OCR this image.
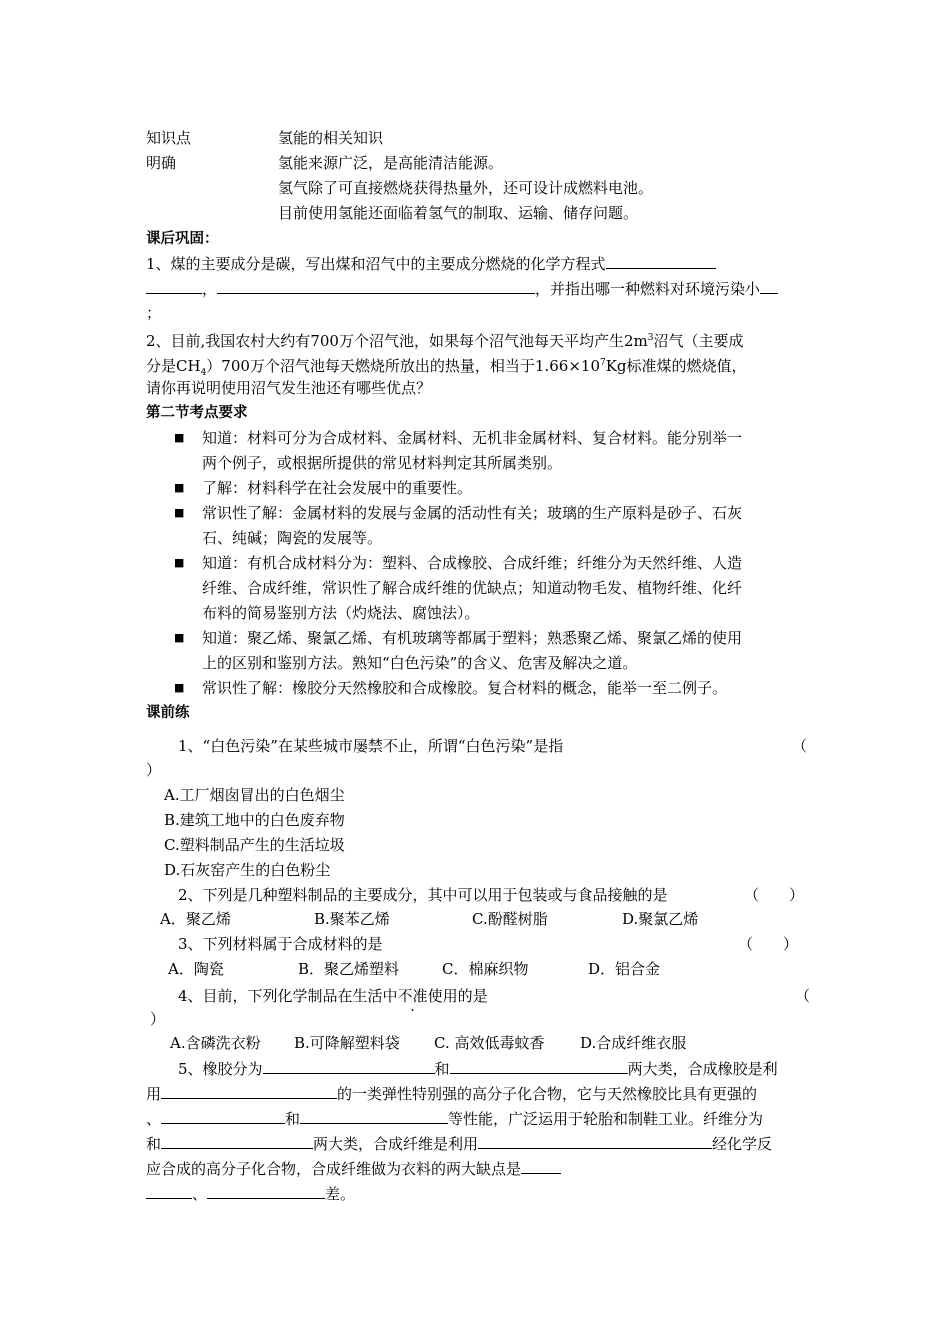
知识点	氢能的相关知识
明确	氢能来源广泛，是高能清洁能源。
氢气除了可直接燃烧获得热量外，还可设计成燃料电池。
目前使用氢能还面临着氢气的制取、运输、储存问题。
课后巩固：
1、煤的主要成分是碳，写出煤和沼气中的主要成分燃烧的化学方程式
，	，并指出哪一种燃料对环境污染小
；
2、目前,我国农村大约有700万个沼气池，如果每个沼气池每天平均产生$2m^3$沼气（主要成
分是$CH_4)700$万个沼气池每天燃烧所放出的热量，相当于$1.66\times 10^7Kg$标准煤的燃烧值，
请你再说明使用沼气发生池还有哪些优点？
第二节考点要求
■ 知道：材料可分为合成材料、金属材料、无机非金属材料、复合材料。能分别举一
两个例子，或根据所提供的常见材料判定其所属类别。
■ 了解：材料科学在社会发展中的重要性。
■ 常识性了解：金属材料的发展与金属的活动性有关；玻璃的生产原料是砂子、石灰
石、纯碱；陶瓷的发展等。
■ 知道：有机合成材料分为：塑料、合成橡胶、合成纤维；纤维分为天然纤维、人造
纤维、合成纤维，常识性了解合成纤维的优缺点；知道动物毛发、植物纤维、化纤
布料的简易鉴别方法（灼烧法、腐蚀法）。
■ 知道：聚乙烯、聚氯乙烯、有机玻璃等都属于塑料；熟悉聚乙烯、聚氯乙烯的使用
上的区别和鉴别方法。熟知“白色污染”的含义、危害及解决之道。
■ 常识性了解：橡胶分天然橡胶和合成橡胶。复合材料的概念，能举一至二例子。
课前练
1、“白色污染”在某些城市屡禁不止，所谓“白色污染”是指	（
）
A.工厂烟囱冒出的白色烟尘
B.建筑工地中的白色废弃物
C.塑料制品产生的生活垃圾
D.石灰窑产生的白色粉尘
2、下列是几种塑料制品的主要成分，其中可以用于包装或与食品接触的是	（　　）
A．聚乙烯	B.聚苯乙烯	C.酚醛树脂	D.聚氯乙烯
3、下列材料属于合成材料的是	（　　）
A．陶瓷	B．聚乙烯塑料	C．棉麻织物	D．铝合金
4、目前，下列化学制品在生活中不准使用的是	（
）
A.含磷洗衣粉 B.可降解塑料袋 C. 高效低毒蚊香 D.合成纤维衣服
5、橡胶分为	和	两大类，合成橡胶是利
用	的一类弹性特别强的高分子化合物，它与天然橡胶比具有更强的
、	和	等性能，广泛运用于轮胎和制鞋工业。纤维分为
和	两大类，合成纤维是利用	经化学反
应合成的高分子化合物，合成纤维做为衣料的两大缺点是
、	差。
